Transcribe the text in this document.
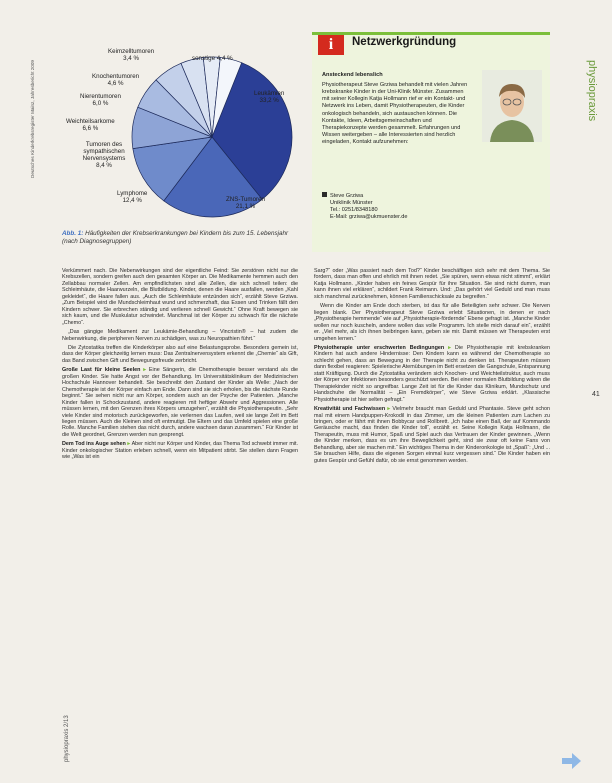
Deutsches Kinderkrebsregister Mainz, Jahresbericht 2009
Keimzelltumoren
3,4 %	sonstige 4,4 %
Knochentumoren
4,6 %
Nierentumoren
6,0 %
Weichteilsarkome
6,6 %
Tumoren des sympathischen Nervensystems
8,4 %
Lymphome
12,4 %	ZNS-Tumoren
21,1 %
Leukämien
33,2 %
Abb. 1: Häufigkeiten der Krebserkrankungen bei Kindern bis zum 15. Lebensjahr (nach Diagnosegruppen)
i	Netzwerkgründung
Ansteckend lebenslich
Physiotherapeut Steve Grziwa behandelt mit vielen Jahren krebskranke Kinder in der Uni-Klinik Münster. Zusammen mit seiner Kollegin Katja Hollmann rief er ein Kontakt- und Netzwerk ins Leben, damit Physiotherapeuten, die Kinder onkologisch behandeln, sich austauschen können. Die Kontakte, Ideen, Arbeitsgemeinschaften und Therapiekonzepte werden gesammelt. Erfahrungen und Wissen weitergeben – alle Interessierten sind herzlich eingeladen, Kontakt aufzunehmen:
Steve Grziwa
Uniklinik Münster
Tel.: 0251/8348180
E-Mail: grziwa@ukmuenster.de
physiopraxis
41
physiopraxis 2/13

Verkümmert nach. Die Nebenwirkungen sind der eigentliche Feind: Sie zerstören nicht nur die Krebszellen, sondern greifen auch den gesamten Körper an. Die Medikamente hemmen auch den Zellabbau normaler Zellen. Am empfindlichsten sind alle Zellen, die sich schnell teilen: die Schleimhäute, die Haarwurzeln, die Blutbildung. Kinder, denen die Haare ausfallen, werden „Kahl gekleidet“, die Haare fallen aus. „Auch die Schleimhäute entzünden sich“, erzählt Steve Grziwa. „Zum Beispiel wird die Mundschleimhaut wund und schmerzhaft, das Essen und Trinken fällt den Kindern schwer. Sie erbrechen ständig und verlieren schnell Gewicht.“ Ohne Kraft bewegen sie sich kaum, und die Muskulatur schwindet. Manchmal ist der Körper zu schwach für die nächste „Chemo“.

„Das gängige Medikament zur Leukämie-Behandlung – Vincristin® – hat zudem die Nebenwirkung, die peripheren Nerven zu schädigen, was zu Neuropathien führt.“

Die Zytostatika treffen die Kinderkörper also auf eine Belastungsprobe. Besonders gemein ist, dass der Körper gleichzeitig lernen muss: Das Zentralnervensystem erkennt die „Chemie“ als Gift, das Band zwischen Gift und Bewegungsfreude zerbricht.

Große Last für kleine Seelen ▸ Eine Sängerin, die Chemotherapie besser verstand als die großen Kinder. Sie hatte Angst vor der Behandlung. Im Universitätsklinikum der Medizinischen Hochschule Hannover behandelt. Sie beschreibt den Zustand der Kinder als Welle: „Nach der Chemotherapie ist der Körper einfach am Ende. Dann sind sie sich erholen, bis die nächste Runde beginnt.“ Sie sehen nicht nur am Körper, sondern auch an der Psyche der Patienten. „Manche Kinder fallen in Schockzustand, andere reagieren mit heftiger Abwehr und Aggressionen. Alle müssen lernen, mit den Grenzen ihres Körpers umzugehen“, erzählt die Physiotherapeutin. „Sehr viele Kinder sind motorisch zurückgeworfen, sie verlernen das Laufen, weil sie lange Zeit im Bett liegen müssen. Auch die Kleinen sind oft entmutigt. Die Eltern und das Umfeld spielen eine große Rolle. Manche Familien stehen das nicht durch, andere wachsen daran zusammen.“ Für Kinder ist die Welt geordnet, Grenzen werden nun gesprengt.

Dem Tod ins Auge sehen ▸ Aber nicht nur Körper und Kinder, das Thema Tod schwebt immer mit. Kinder onkologischer Station erleben schnell, wenn ein Mitpatient stirbt. Sie stellen dann Fragen wie „Was ist ein

Sarg?“ oder „Was passiert nach dem Tod?“ Kinder beschäftigen sich sehr mit dem Thema. Sie fordern, dass man offen und ehrlich mit ihnen redet. „Sie spüren, wenn etwas nicht stimmt“, erklärt Katja Hollmann. „Kinder haben ein feines Gespür für ihre Situation. Sie sind nicht dumm, man kann ihnen viel erklären“, schildert Frank Reimann. Und: „Das gehört viel Geduld und man muss sich manchmal zurücknehmen, können Familienschicksale zu begreifen.“

Wenn die Kinder am Ende doch sterben, ist das für alle Beteiligten sehr schwer. Die Nerven liegen blank. Der Physiotherapeut Steve Grziwa erlebt Situationen, in denen er nach „Physiotherapie hemmende“ wie auf „Physiotherapie-fördernde“ Ebene gefragt ist. „Manche Kinder wollen nur noch kuscheln, andere wollen das volle Programm. Ich stelle mich darauf ein“, erzählt er. „Viel mehr, als ich ihnen beibringen kann, geben sie mir. Damit müssen wir Therapeuten erst umgehen lernen.“

Physiotherapie unter erschwerten Bedingungen ▸ Die Physiotherapie mit krebskranken Kindern hat auch andere Hindernisse: Den Kindern kann es während der Chemotherapie so schlecht gehen, dass an Bewegung in der Therapie nicht zu denken ist. Therapeuten müssen dann flexibel reagieren: Spielerische Atemübungen im Bett ersetzen die Gangschule, Entspannung statt Kräftigung. Durch die Zytostatika verändern sich Knochen- und Weichteilstruktur, auch muss der Körper vor Infektionen besonders geschützt werden. Bei einer normalen Blutbildung wären die Therapiekinder nicht so angreifbar. Lange Zeit ist für die Kinder das Klinikum, Mundschutz und Handschuhe die Normalität – „Ein Fremdkörper“, wie Steve Grziwa erklärt. „Klassische Physiotherapie ist hier selten gefragt.“

Kreativität und Fachwissen ▸ Vielmehr braucht man Geduld und Phantasie. Steve geht schon mal mit einem Handpuppen-Krokodil in das Zimmer, um die kleinen Patienten zum Lachen zu bringen, oder er fährt mit ihnen Bobbycar und Rollbrett. „Ich habe einen Ball, der auf Kommando Geräusche macht, das finden die Kinder toll“, erzählt er. Seine Kollegin Katja Hollmann, die Therapeutin, muss mit Humor, Spaß und Spiel auch das Vertrauen der Kinder gewinnen. „Wenn die Kinder merken, dass es um ihre Beweglichkeit geht, sind sie zwar oft keine Fans von Behandlung, aber sie machen mit.“ Ein wichtiges Thema in der Kinderonkologie ist „Spaß“: „Und ... Sie brauchen Hilfe, dass die eigenen Sorgen einmal kurz vergessen sind.“ Die Kinder haben ein gutes Gespür und Gefühl dafür, ob sie ernst genommen werden.
